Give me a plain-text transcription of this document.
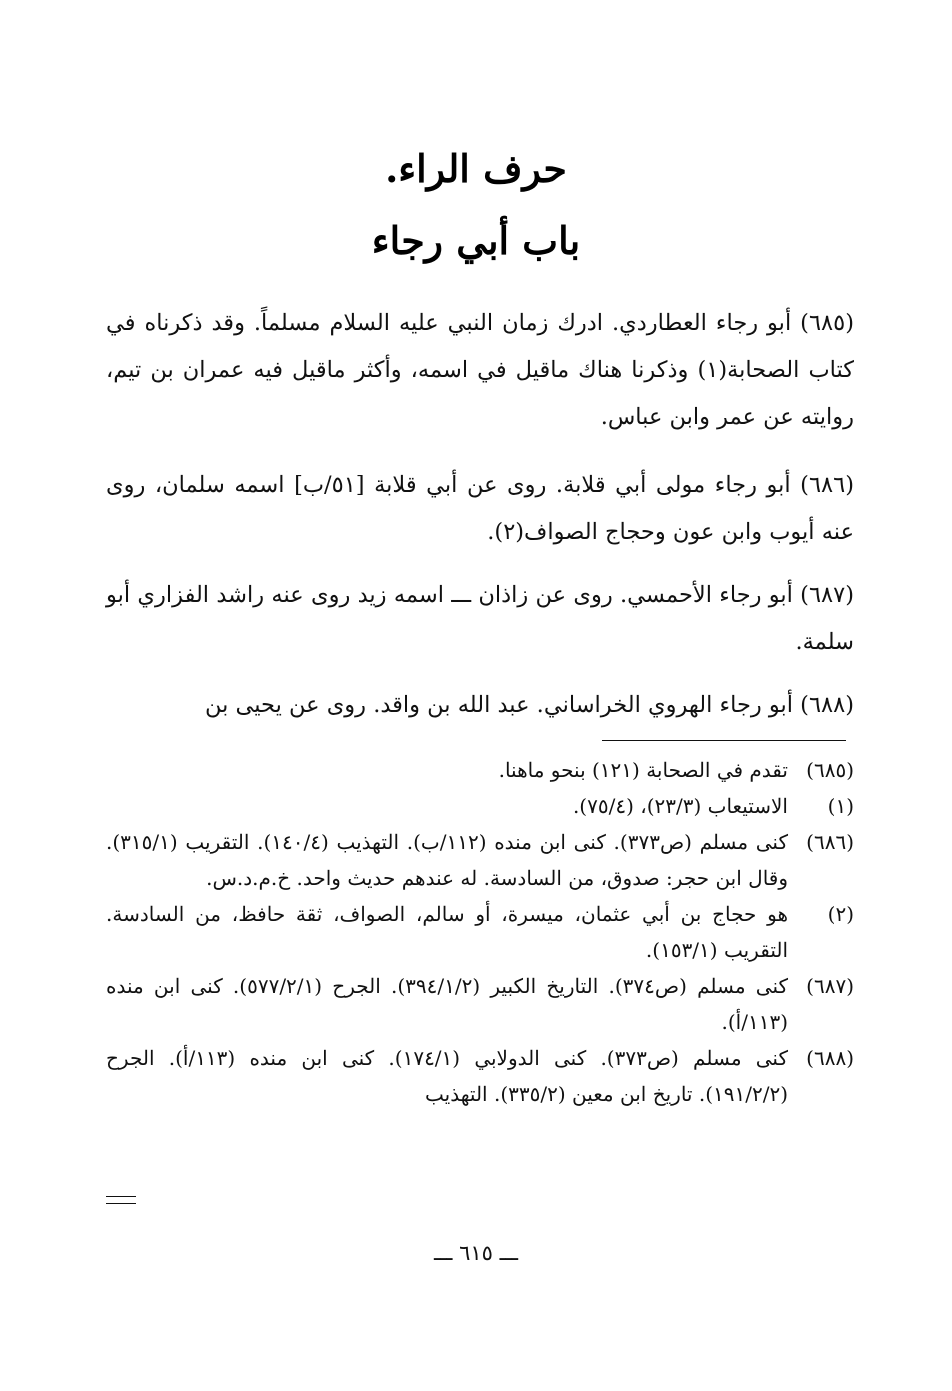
حرف الراء.
باب أبي رجاء
(٦٨٥) أبو رجاء العطاردي. ادرك زمان النبي عليه السلام مسلماً. وقد ذكرناه في كتاب الصحابة(١) وذكرنا هناك ماقيل في اسمه، وأكثر ماقيل فيه عمران بن تيم، روايته عن عمر وابن عباس.
(٦٨٦) أبو رجاء مولى أبي قلابة. روى عن أبي قلابة [٥١/ب] اسمه سلمان، روى عنه أيوب وابن عون وحجاج الصواف(٢).
(٦٨٧) أبو رجاء الأحمسي. روى عن زاذان ـــ اسمه زيد روى عنه راشد الفزاري أبو سلمة.
(٦٨٨) أبو رجاء الهروي الخراساني. عبد الله بن واقد. روى عن يحيى بن
(٦٨٥)
تقدم في الصحابة (١٢١) بنحو ماهنا.
(١)
الاستيعاب (٢٣/٣)، (٧٥/٤).
(٦٨٦)
كنى مسلم (ص٣٧٣). كنى ابن منده (١١٢/ب). التهذيب (١٤٠/٤). التقريب (٣١٥/١). وقال ابن حجر: صدوق، من السادسة. له عندهم حديث واحد. خ.م.د.س.
(٢)
هو حجاج بن أبي عثمان، ميسرة، أو سالم، الصواف، ثقة حافظ، من السادسة. التقريب (١٥٣/١).
(٦٨٧)
كنى مسلم (ص٣٧٤). التاريخ الكبير (٣٩٤/١/٢). الجرح (٥٧٧/٢/١). كنى ابن منده (١١٣/أ).
(٦٨٨)
كنى مسلم (ص٣٧٣). كنى الدولابي (١٧٤/١). كنى ابن منده (١١٣/أ). الجرح (١٩١/٢/٢). تاريخ ابن معين (٣٣٥/٢). التهذيب
ـــ ٦١٥ ـــ
